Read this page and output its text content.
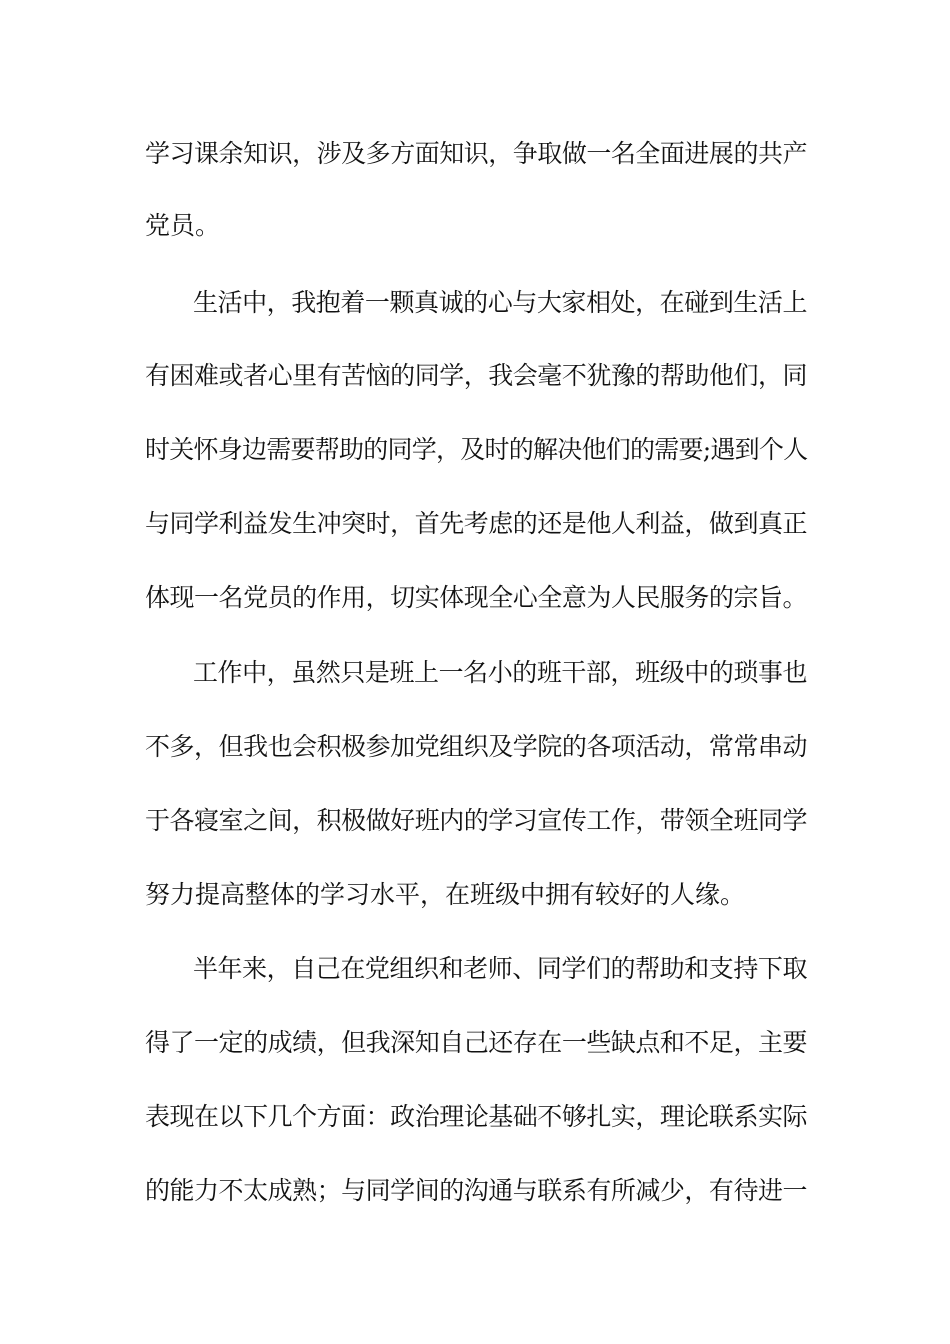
学习课余知识，涉及多方面知识，争取做一名全面进展的共产
党员。
生活中，我抱着一颗真诚的心与大家相处，在碰到生活上
有困难或者心里有苦恼的同学，我会毫不犹豫的帮助他们，同
时关怀身边需要帮助的同学，及时的解决他们的需要;遇到个人
与同学利益发生冲突时，首先考虑的还是他人利益，做到真正
体现一名党员的作用，切实体现全心全意为人民服务的宗旨。
工作中，虽然只是班上一名小的班干部，班级中的琐事也
不多，但我也会积极参加党组织及学院的各项活动，常常串动
于各寝室之间，积极做好班内的学习宣传工作，带领全班同学
努力提高整体的学习水平，在班级中拥有较好的人缘。
半年来，自己在党组织和老师、同学们的帮助和支持下取
得了一定的成绩，但我深知自己还存在一些缺点和不足，主要
表现在以下几个方面：政治理论基础不够扎实，理论联系实际
的能力不太成熟；与同学间的沟通与联系有所减少，有待进一
